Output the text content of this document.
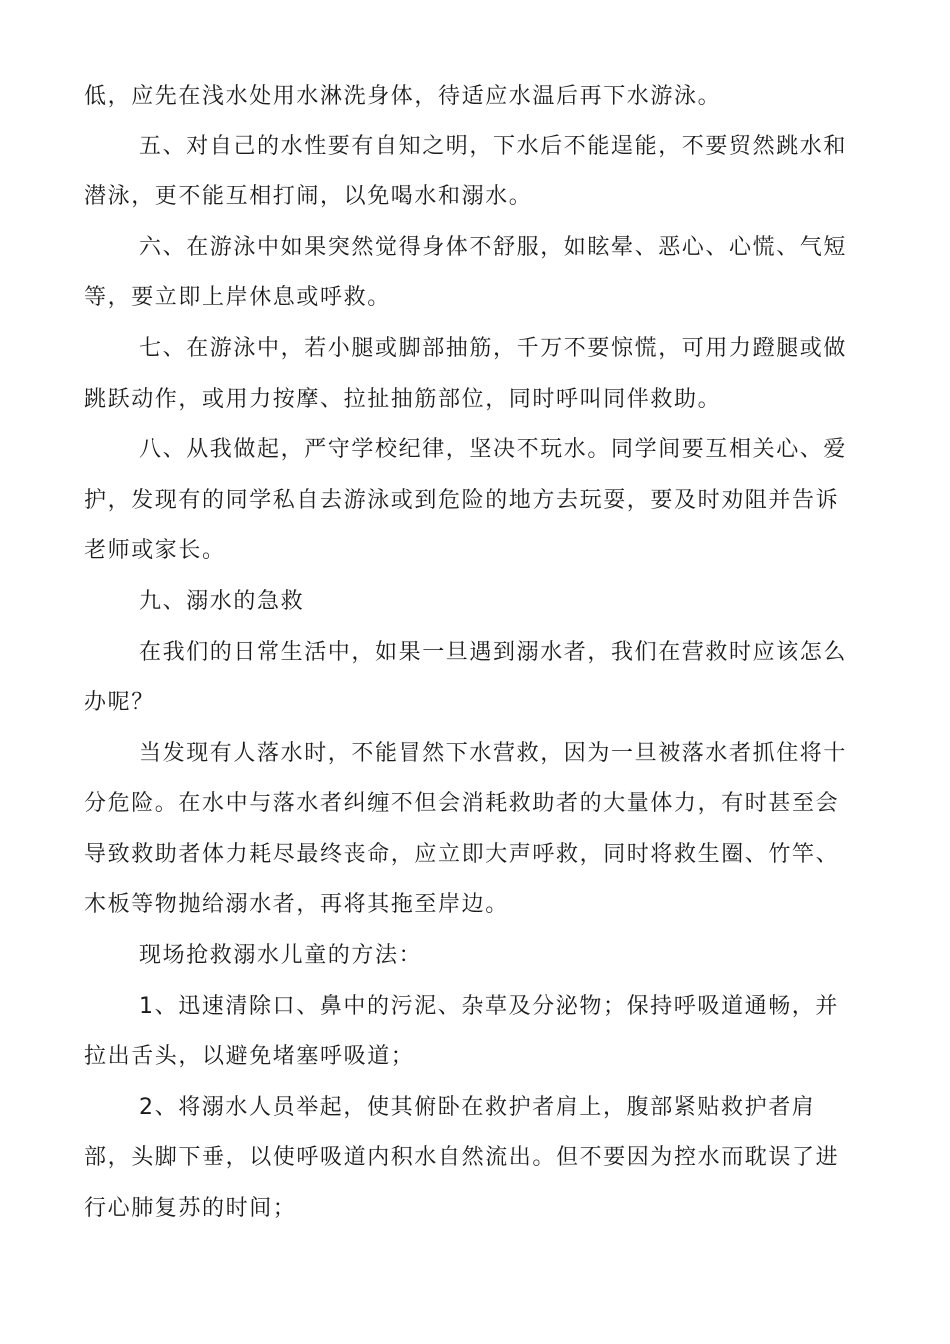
低，应先在浅水处用水淋洗身体，待适应水温后再下水游泳。
五、对自己的水性要有自知之明，下水后不能逞能，不要贸然跳水和
潜泳，更不能互相打闹，以免喝水和溺水。
六、在游泳中如果突然觉得身体不舒服，如眩晕、恶心、心慌、气短
等，要立即上岸休息或呼救。
七、在游泳中，若小腿或脚部抽筋，千万不要惊慌，可用力蹬腿或做
跳跃动作，或用力按摩、拉扯抽筋部位，同时呼叫同伴救助。
八、从我做起，严守学校纪律，坚决不玩水。同学间要互相关心、爱
护，发现有的同学私自去游泳或到危险的地方去玩耍，要及时劝阻并告诉
老师或家长。
九、溺水的急救
在我们的日常生活中，如果一旦遇到溺水者，我们在营救时应该怎么
办呢？
当发现有人落水时，不能冒然下水营救，因为一旦被落水者抓住将十
分危险。在水中与落水者纠缠不但会消耗救助者的大量体力，有时甚至会
导致救助者体力耗尽最终丧命，应立即大声呼救，同时将救生圈、竹竿、
木板等物抛给溺水者，再将其拖至岸边。
现场抢救溺水儿童的方法：
1、迅速清除口、鼻中的污泥、杂草及分泌物；保持呼吸道通畅，并
拉出舌头，以避免堵塞呼吸道；
2、将溺水人员举起，使其俯卧在救护者肩上，腹部紧贴救护者肩
部，头脚下垂，以使呼吸道内积水自然流出。但不要因为控水而耽误了进
行心肺复苏的时间；
